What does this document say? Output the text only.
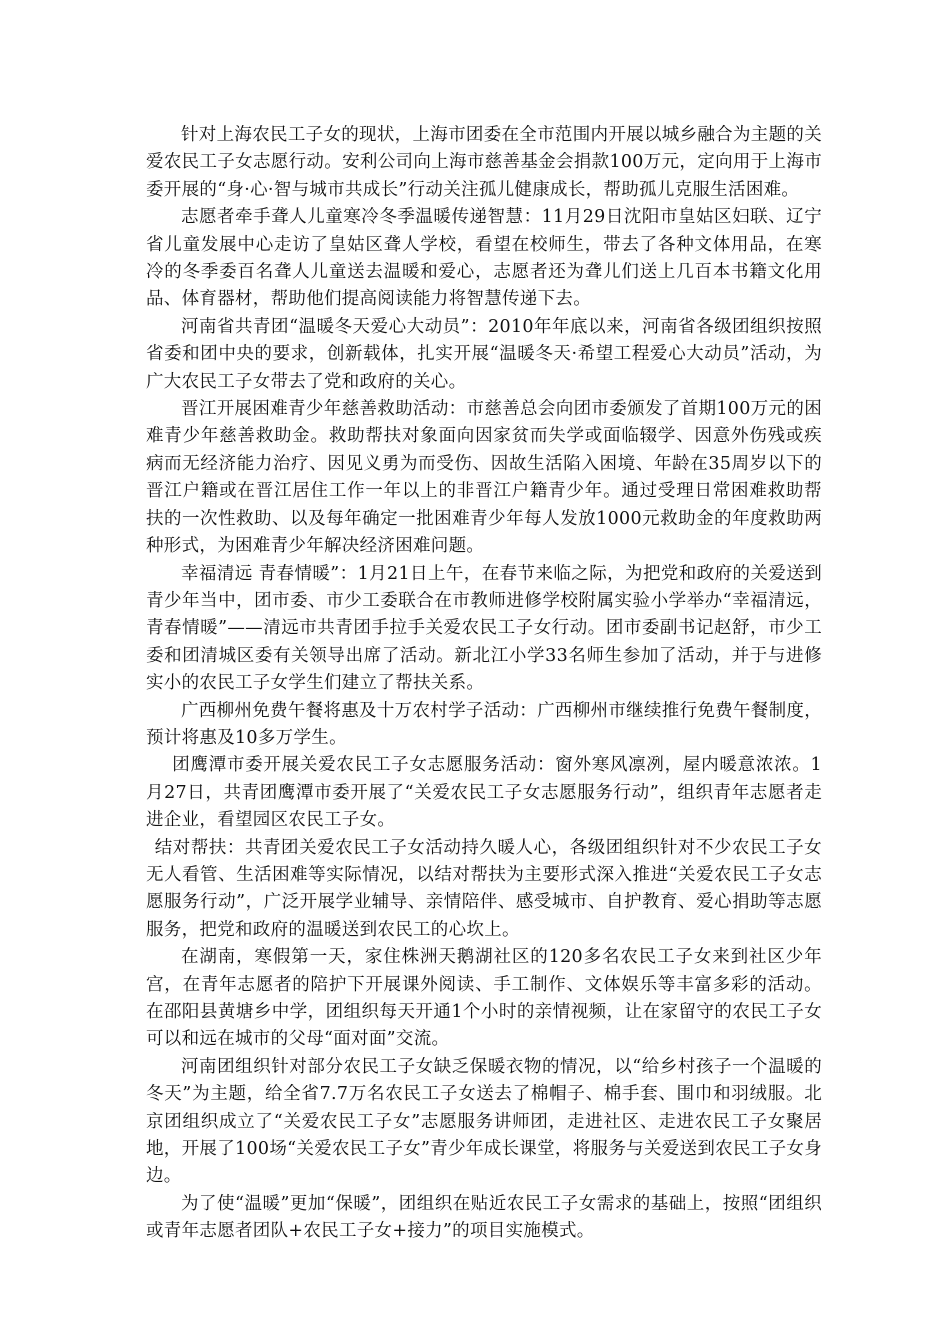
针对上海农民工子女的现状，上海市团委在全市范围内开展以城乡融合为主题的关爱农民工子女志愿行动。安利公司向上海市慈善基金会捐款100万元，定向用于上海市委开展的“身·心·智与城市共成长”行动关注孤儿健康成长，帮助孤儿克服生活困难。

志愿者牵手聋人儿童寒冷冬季温暖传递智慧：11月29日沈阳市皇姑区妇联、辽宁省儿童发展中心走访了皇姑区聋人学校，看望在校师生，带去了各种文体用品，在寒冷的冬季委百名聋人儿童送去温暖和爱心，志愿者还为聋儿们送上几百本书籍文化用品、体育器材，帮助他们提高阅读能力将智慧传递下去。

河南省共青团“温暖冬天爱心大动员”：2010年年底以来，河南省各级团组织按照省委和团中央的要求，创新载体，扎实开展“温暖冬天·希望工程爱心大动员”活动，为广大农民工子女带去了党和政府的关心。

晋江开展困难青少年慈善救助活动：市慈善总会向团市委颁发了首期100万元的困难青少年慈善救助金。救助帮扶对象面向因家贫而失学或面临辍学、因意外伤残或疾病而无经济能力治疗、因见义勇为而受伤、因故生活陷入困境、年龄在35周岁以下的晋江户籍或在晋江居住工作一年以上的非晋江户籍青少年。通过受理日常困难救助帮扶的一次性救助、以及每年确定一批困难青少年每人发放1000元救助金的年度救助两种形式，为困难青少年解决经济困难问题。

幸福清远 青春情暖”：1月21日上午，在春节来临之际，为把党和政府的关爱送到青少年当中，团市委、市少工委联合在市教师进修学校附属实验小学举办“幸福清远，青春情暖”——清远市共青团手拉手关爱农民工子女行动。团市委副书记赵舒，市少工委和团清城区委有关领导出席了活动。新北江小学33名师生参加了活动，并于与进修实小的农民工子女学生们建立了帮扶关系。

广西柳州免费午餐将惠及十万农村学子活动：广西柳州市继续推行免费午餐制度，预计将惠及10多万学生。

团鹰潭市委开展关爱农民工子女志愿服务活动：窗外寒风凛冽，屋内暖意浓浓。1月27日，共青团鹰潭市委开展了“关爱农民工子女志愿服务行动”，组织青年志愿者走进企业，看望园区农民工子女。

结对帮扶：共青团关爱农民工子女活动持久暖人心，各级团组织针对不少农民工子女无人看管、生活困难等实际情况，以结对帮扶为主要形式深入推进“关爱农民工子女志愿服务行动”，广泛开展学业辅导、亲情陪伴、感受城市、自护教育、爱心捐助等志愿服务，把党和政府的温暖送到农民工的心坎上。

在湖南，寒假第一天，家住株洲天鹅湖社区的120多名农民工子女来到社区少年宫，在青年志愿者的陪护下开展课外阅读、手工制作、文体娱乐等丰富多彩的活动。在邵阳县黄塘乡中学，团组织每天开通1个小时的亲情视频，让在家留守的农民工子女可以和远在城市的父母“面对面”交流。

河南团组织针对部分农民工子女缺乏保暖衣物的情况，以“给乡村孩子一个温暖的冬天”为主题，给全省7.7万名农民工子女送去了棉帽子、棉手套、围巾和羽绒服。北京团组织成立了“关爱农民工子女”志愿服务讲师团，走进社区、走进农民工子女聚居地，开展了100场“关爱农民工子女”青少年成长课堂，将服务与关爱送到农民工子女身边。

为了使“温暖”更加“保暖”，团组织在贴近农民工子女需求的基础上，按照“团组织或青年志愿者团队+农民工子女+接力”的项目实施模式。
